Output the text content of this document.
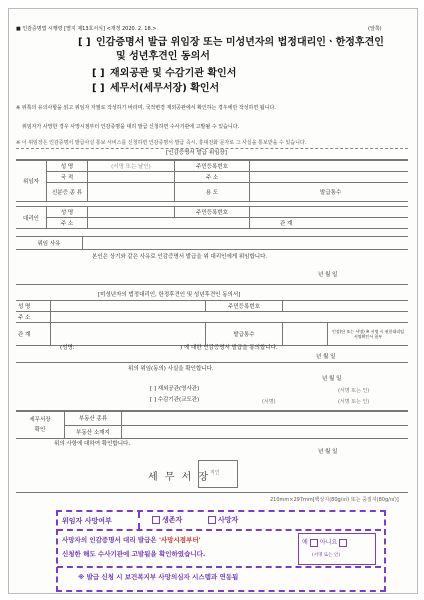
■ 인감증명법 시행령 [별지 제13호서식] <개정 2020. 2. 18.>	(앞쪽)
[ ] 인감증명서 발급 위임장 또는 미성년자의 법정대리인ㆍ한정후견인
및 성년후견인 동의서
[ ] 재외공관 및 수감기관 확인서
[ ] 세무서(세무서장) 확인서
※ 위쪽의 유의사항을 읽고 위임자 자필로 작성하기 바라며, 국적변경 재외공관에서 확인하는 경우에만 작성하면 됩니다.
위임자가 사망한 경우 사망시점부터 인감증명을 대리 발급 신청하면 수사기관에 고발될 수 있습니다.
※ 이 위임장은 인감증명서 발급사실 통보 서비스를 신청하면 인감증명서 발급 즉시, 휴대전화 문자로 그 사실을 통보받을 수 있습니다.
[인감증명서 발급 위임장]
위임자	성 명	(서명 또는 날인)	주민등록번호	
	국 적		주 소	
	신분증 종 류		용 도	발급통수
대리인	성 명		주민등록번호	
	주 소			관 계
위임 사유	
본인은 상기와 같은 사유로 인감증명서 발급을 위 대리인에게 위임합니다.
년 월 일
[미성년자의 법정대리인, 한정후견인 및 성년후견인 동의서]
성 명		주민등록번호		
주 소				
관 계		발급통수		인장(단 또는 서명) ※ 서명 시 권한대리임 서명확인서 첨부
(성명:	) 에 대한 인감증명서 발급을 동의합니다.
년 월 일
위의 위임(동의) 사실을 확인합니다.
년 월 일
[ ] 재외공관(영사관)	(서명 또는 인)
[ ] 수감기관(교도관)	(서명)	(서명 또는 인)
세무서장
확인	부동산 종류	
	부동산 소재지	
위의 사항에 대하여 확인합니다.
년 월 일
세 무 서 장 직인
210mm×297mm[백상지(80g/㎡) 또는 중질지(80g/㎡)]
위임자 사망여부	생존자	사망자
사망자의 인감증명서 대리 발급은 '사망시점부터'
신청한 해도 수사기관에 고발됨을 확인하였습니다.
예 아니요
(서명 또는 인)
※ 발급 신청 시 보건복지부 사망의심자 시스템과 연동됨
